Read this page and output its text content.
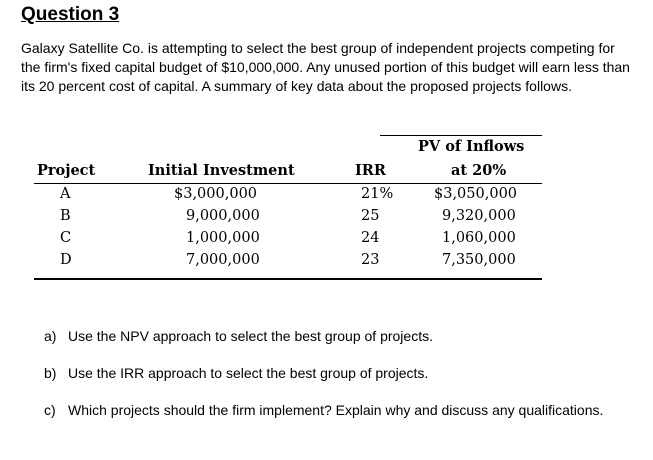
Question 3

Galaxy Satellite Co. is attempting to select the best group of independent projects competing for the firm's fixed capital budget of $10,000,000. Any unused portion of this budget will earn less than its 20 percent cost of capital. A summary of key data about the proposed projects follows.

PV of Inflows
Project	Initial Investment	IRR	at 20%
A	$3,000,000	21%	$3,050,000
B	9,000,000	25	9,320,000
C	1,000,000	24	1,060,000
D	7,000,000	23	7,350,000
a) Use the NPV approach to select the best group of projects.
b) Use the IRR approach to select the best group of projects.
c) Which projects should the firm implement? Explain why and discuss any qualifications.
